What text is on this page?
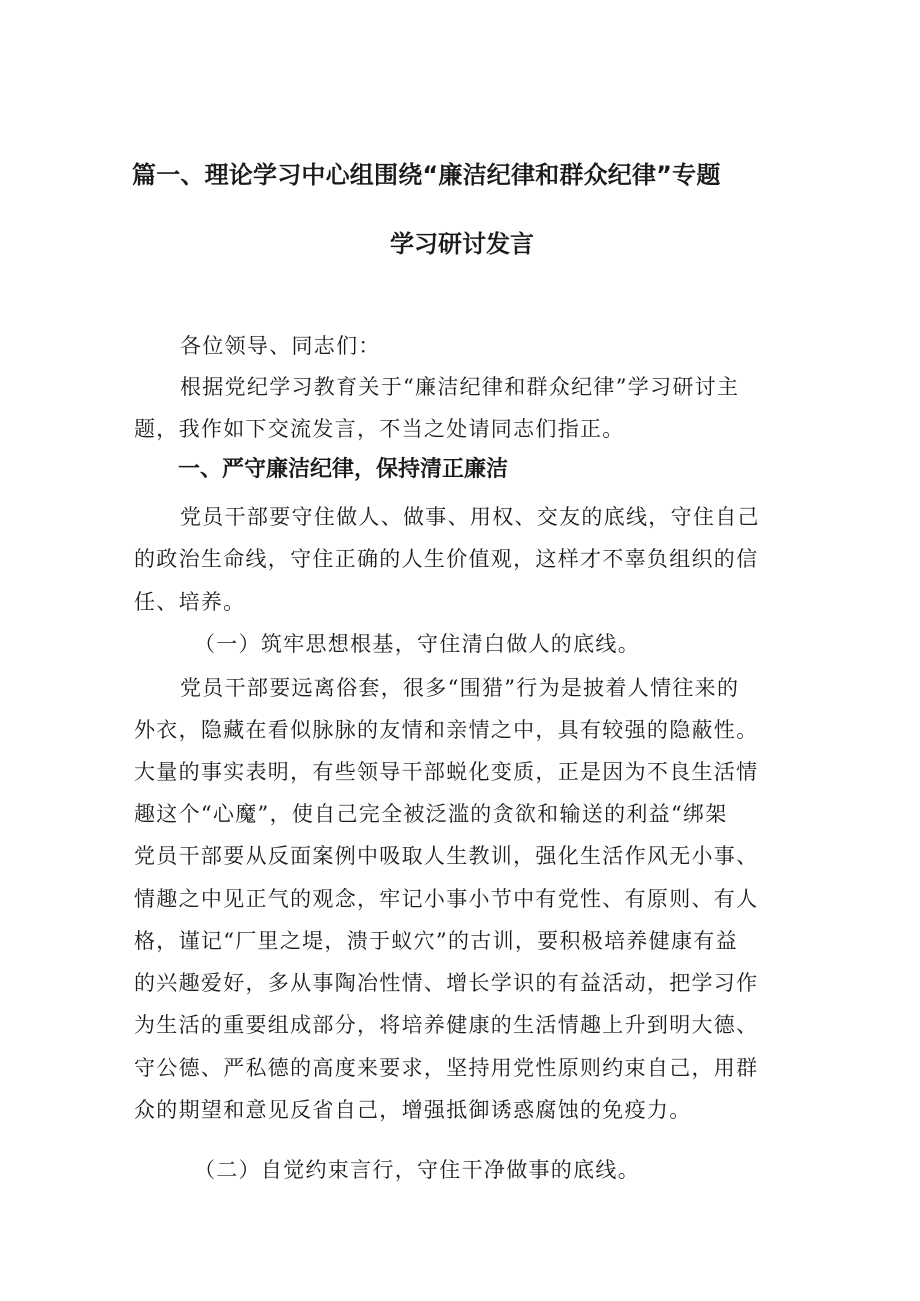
篇一、理论学习中心组围绕“廉洁纪律和群众纪律”专题
学习研讨发言
各位领导、同志们：
根据党纪学习教育关于“廉洁纪律和群众纪律”学习研讨主
题，我作如下交流发言，不当之处请同志们指正。
一、严守廉洁纪律，保持清正廉洁
党员干部要守住做人、做事、用权、交友的底线，守住自己
的政治生命线，守住正确的人生价值观，这样才不辜负组织的信
任、培养。
（一）筑牢思想根基，守住清白做人的底线。
党员干部要远离俗套，很多“围猎”行为是披着人情往来的
外衣，隐藏在看似脉脉的友情和亲情之中，具有较强的隐蔽性。
大量的事实表明，有些领导干部蜕化变质，正是因为不良生活情
趣这个“心魔”，使自己完全被泛滥的贪欲和输送的利益“绑架
党员干部要从反面案例中吸取人生教训，强化生活作风无小事、
情趣之中见正气的观念，牢记小事小节中有党性、有原则、有人
格，谨记“厂里之堤，溃于蚁穴”的古训，要积极培养健康有益
的兴趣爱好，多从事陶冶性情、增长学识的有益活动，把学习作
为生活的重要组成部分，将培养健康的生活情趣上升到明大德、
守公德、严私德的高度来要求，坚持用党性原则约束自己，用群
众的期望和意见反省自己，增强抵御诱惑腐蚀的免疫力。
（二）自觉约束言行，守住干净做事的底线。
